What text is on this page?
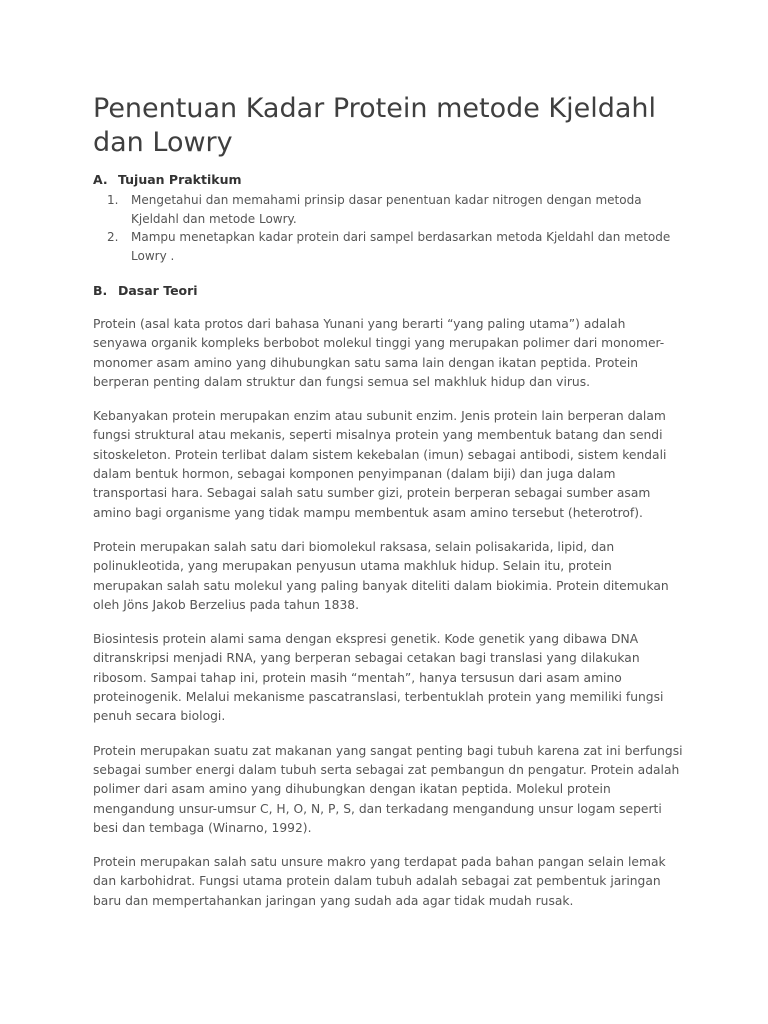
Penentuan Kadar Protein metode Kjeldahl dan Lowry
A. Tujuan Praktikum
1.	Mengetahui dan memahami prinsip dasar penentuan kadar nitrogen dengan metoda Kjeldahl dan metode Lowry.
2.	Mampu menetapkan kadar protein dari sampel berdasarkan metoda Kjeldahl dan metode Lowry .
B. Dasar Teori

Protein (asal kata protos dari bahasa Yunani yang berarti “yang paling utama”) adalah senyawa organik kompleks berbobot molekul tinggi yang merupakan polimer dari monomer-monomer asam amino yang dihubungkan satu sama lain dengan ikatan peptida. Protein berperan penting dalam struktur dan fungsi semua sel makhluk hidup dan virus.

Kebanyakan protein merupakan enzim atau subunit enzim. Jenis protein lain berperan dalam fungsi struktural atau mekanis, seperti misalnya protein yang membentuk batang dan sendi sitoskeleton. Protein terlibat dalam sistem kekebalan (imun) sebagai antibodi, sistem kendali dalam bentuk hormon, sebagai komponen penyimpanan (dalam biji) dan juga dalam transportasi hara. Sebagai salah satu sumber gizi, protein berperan sebagai sumber asam amino bagi organisme yang tidak mampu membentuk asam amino tersebut (heterotrof).

Protein merupakan salah satu dari biomolekul raksasa, selain polisakarida, lipid, dan polinukleotida, yang merupakan penyusun utama makhluk hidup. Selain itu, protein merupakan salah satu molekul yang paling banyak diteliti dalam biokimia. Protein ditemukan oleh Jöns Jakob Berzelius pada tahun 1838.

Biosintesis protein alami sama dengan ekspresi genetik. Kode genetik yang dibawa DNA ditranskripsi menjadi RNA, yang berperan sebagai cetakan bagi translasi yang dilakukan ribosom. Sampai tahap ini, protein masih “mentah”, hanya tersusun dari asam amino proteinogenik. Melalui mekanisme pascatranslasi, terbentuklah protein yang memiliki fungsi penuh secara biologi.

Protein merupakan suatu zat makanan yang sangat penting bagi tubuh karena zat ini berfungsi sebagai sumber energi dalam tubuh serta sebagai zat pembangun dn pengatur. Protein adalah polimer dari asam amino yang dihubungkan dengan ikatan peptida. Molekul protein mengandung unsur-umsur C, H, O, N, P, S, dan terkadang mengandung unsur logam seperti besi dan tembaga (Winarno, 1992).

Protein merupakan salah satu unsure makro yang terdapat pada bahan pangan selain lemak dan karbohidrat. Fungsi utama protein dalam tubuh adalah sebagai zat pembentuk jaringan baru dan mempertahankan jaringan yang sudah ada agar tidak mudah rusak.
